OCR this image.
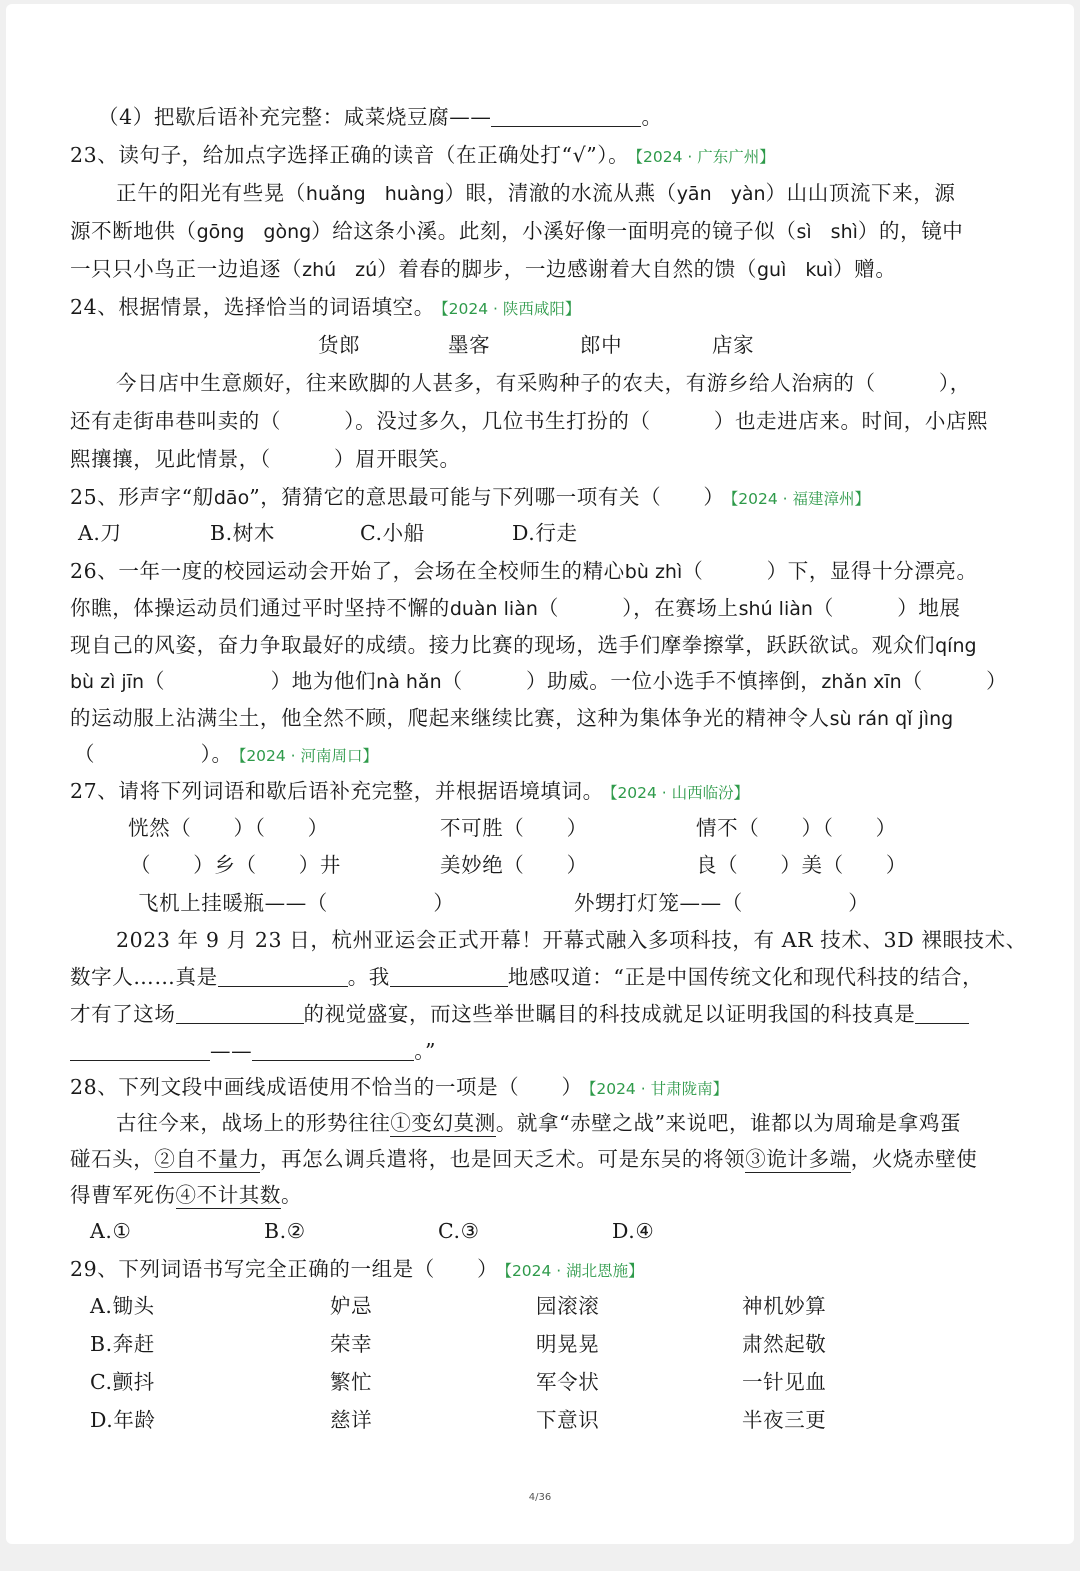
（4）把歇后语补充完整：咸菜烧豆腐——	。
23、读句子，给加点字选择正确的读音（在正确处打“√”）。 【2024 · 广东广州】
正午的阳光有些晃（huǎng　huàng）眼，清澈的水流从燕（yān　yàn）山山顶流下来，源
源不断地供（gōng　gòng）给这条小溪。此刻，小溪好像一面明亮的镜子似（sì　shì）的，镜中
一只只小鸟正一边追逐（zhú　zú）着春的脚步，一边感谢着大自然的馈（guì　kuì）赠。
24、根据情景，选择恰当的词语填空。 【2024 · 陕西咸阳】
货郎	墨客	郎中	店家
今日店中生意颇好，往来欧脚的人甚多，有采购种子的农夫，有游乡给人治病的（　　　），
还有走街串巷叫卖的（　　　）。没过多久，几位书生打扮的（　　　）也走进店来。时间，小店熙
熙攘攘，见此情景，（　　　）眉开眼笑。
25、形声字“舠dāo”，猜猜它的意思最可能与下列哪一项有关（　　） 【2024 · 福建漳州】
A.刀	B.树木	C.小船	D.行走
26、一年一度的校园运动会开始了，会场在全校师生的精心bù zhì（　　　）下，显得十分漂亮。
你瞧，体操运动员们通过平时坚持不懈的duàn liàn（　　　），在赛场上shú liàn（　　　）地展
现自己的风姿，奋力争取最好的成绩。接力比赛的现场，选手们摩拳擦掌，跃跃欲试。观众们qíng
bù zì jīn（　　　　　）地为他们nà hǎn（　　　）助威。一位小选手不慎摔倒，zhǎn xīn（　　　）
的运动服上沾满尘土，他全然不顾，爬起来继续比赛，这种为集体争光的精神令人sù rán qǐ jìng
（　　　　　）。 【2024 · 河南周口】
27、请将下列词语和歇后语补充完整，并根据语境填词。 【2024 · 山西临汾】
恍然（　　）（　　）	不可胜（　　）	情不（　　）（　　）
（　　）乡（　　）井	美妙绝（　　）	良（　　）美（　　）
飞机上挂暖瓶——（　　　　　）	外甥打灯笼——（　　　　　）
2023 年 9 月 23 日，杭州亚运会正式开幕！开幕式融入多项科技，有 AR 技术、3D 裸眼技术、
数字人……真是	。我	地感叹道：“正是中国传统文化和现代科技的结合，
才有了这场	的视觉盛宴，而这些举世瞩目的科技成就足以证明我国的科技真是
——	。”
28、下列文段中画线成语使用不恰当的一项是（　　） 【2024 · 甘肃陇南】
古往今来，战场上的形势往往①变幻莫测。就拿“赤壁之战”来说吧，谁都以为周瑜是拿鸡蛋
碰石头，②自不量力，再怎么调兵遣将，也是回天乏术。可是东吴的将领③诡计多端，火烧赤壁使
得曹军死伤④不计其数。
A.①	B.②	C.③	D.④
29、下列词语书写完全正确的一组是（　　） 【2024 · 湖北恩施】
A.锄头	妒忌	园滚滚	神机妙算
B.奔赶	荣幸	明晃晃	肃然起敬
C.颤抖	繁忙	军令状	一针见血
D.年龄	慈详	下意识	半夜三更
4/36
